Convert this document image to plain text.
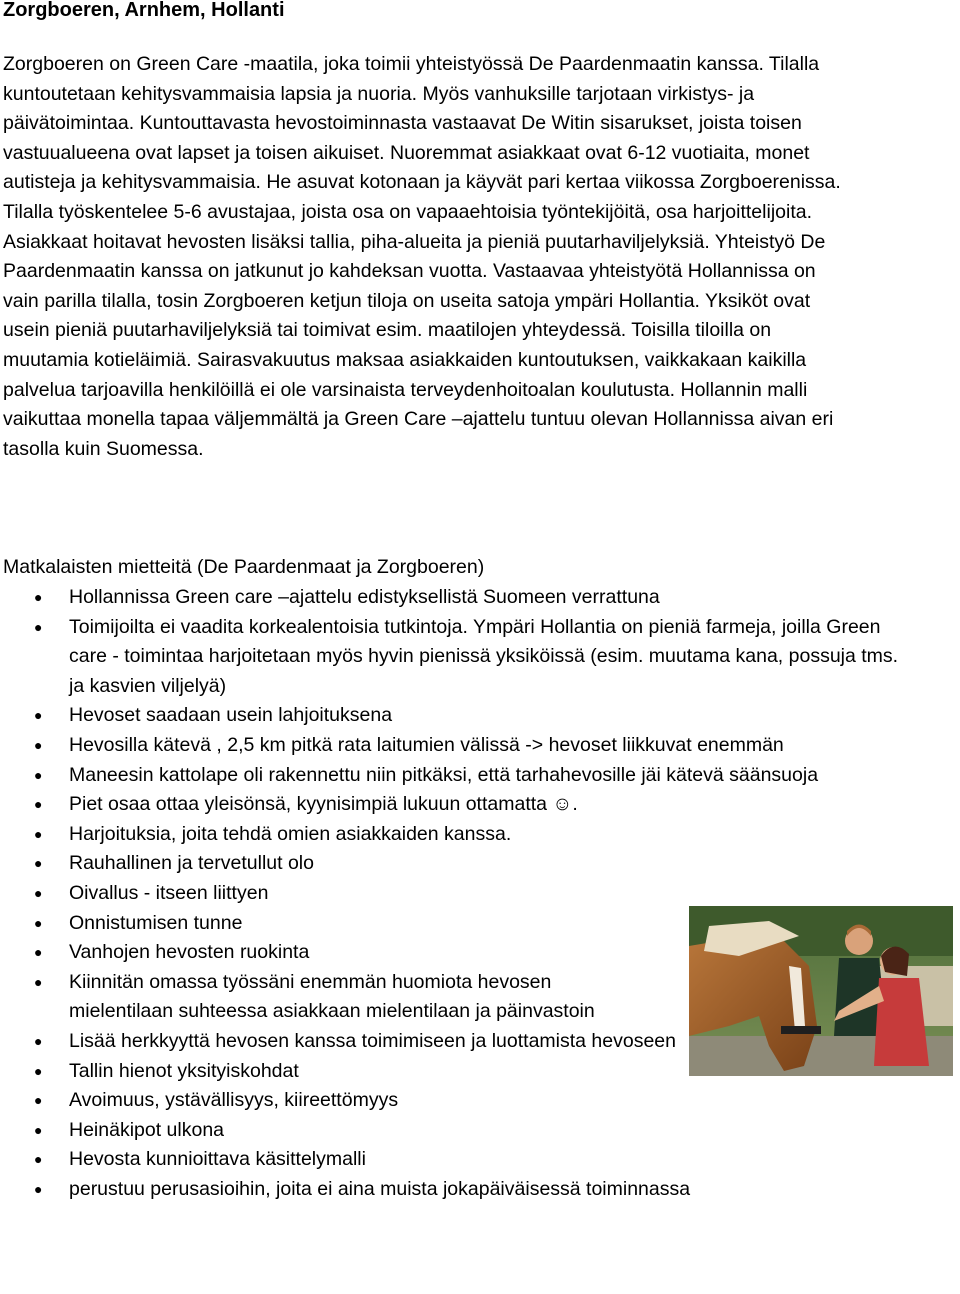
Zorgboeren, Arnhem, Hollanti

Zorgboeren on Green Care -maatila, joka toimii yhteistyössä De Paardenmaatin kanssa. Tilalla kuntoutetaan kehitysvammaisia lapsia ja nuoria. Myös vanhuksille tarjotaan virkistys- ja päivätoimintaa. Kuntouttavasta hevostoiminnasta vastaavat De Witin sisarukset, joista toisen vastuualueena ovat lapset ja toisen aikuiset. Nuoremmat asiakkaat ovat 6-12 vuotiaita, monet autisteja ja kehitysvammaisia. He asuvat kotonaan ja käyvät pari kertaa viikossa Zorgboerenissa. Tilalla työskentelee 5-6 avustajaa, joista osa on vapaaehtoisia työntekijöitä, osa harjoittelijoita. Asiakkaat hoitavat hevosten lisäksi tallia, piha-alueita ja pieniä puutarhaviljelyksiä. Yhteistyö De Paardenmaatin kanssa on jatkunut jo kahdeksan vuotta. Vastaavaa yhteistyötä Hollannissa on vain parilla tilalla, tosin Zorgboeren ketjun tiloja on useita satoja ympäri Hollantia. Yksiköt ovat usein pieniä puutarhaviljelyksiä tai toimivat esim. maatilojen yhteydessä. Toisilla tiloilla on muutamia kotieläimiä. Sairasvakuutus maksaa asiakkaiden kuntoutuksen, vaikkakaan kaikilla palvelua tarjoavilla henkilöillä ei ole varsinaista terveydenhoitoalan koulutusta. Hollannin malli vaikuttaa monella tapaa väljemmältä ja Green Care –ajattelu tuntuu olevan Hollannissa aivan eri tasolla kuin Suomessa.

Matkalaisten mietteitä (De Paardenmaat ja Zorgboeren)

● Hollannissa Green care –ajattelu edistyksellistä Suomeen verrattuna
● Toimijoilta ei vaadita korkealentoisia tutkintoja. Ympäri Hollantia on pieniä farmeja, joilla Green care - toimintaa harjoitetaan myös hyvin pienissä yksiköissä (esim. muutama kana, possuja tms. ja kasvien viljelyä)
● Hevoset saadaan usein lahjoituksena
● Hevosilla kätevä , 2,5 km pitkä rata laitumien välissä -> hevoset liikkuvat enemmän
● Maneesin kattolape oli rakennettu niin pitkäksi, että tarhahevosille jäi kätevä säänsuoja
● Piet osaa ottaa yleisönsä, kyynisimpiä lukuun ottamatta ☺.
● Harjoituksia, joita tehdä omien asiakkaiden kanssa.
● Rauhallinen ja tervetullut olo
● Oivallus - itseen liittyen
● Onnistumisen tunne
● Vanhojen hevosten ruokinta
● Kiinnitän omassa työssäni enemmän huomiota hevosen mielentilaan suhteessa asiakkaan mielentilaan ja päinvastoin
● Lisää herkkyyttä hevosen kanssa toimimiseen ja luottamista hevoseen
● Tallin hienot yksityiskohdat
● Avoimuus, ystävällisyys, kiireettömyys
● Heinäkipot ulkona
● Hevosta kunnioittava käsittelymalli
● perustuu perusasioihin, joita ei aina muista jokapäiväisessä toiminnassa
